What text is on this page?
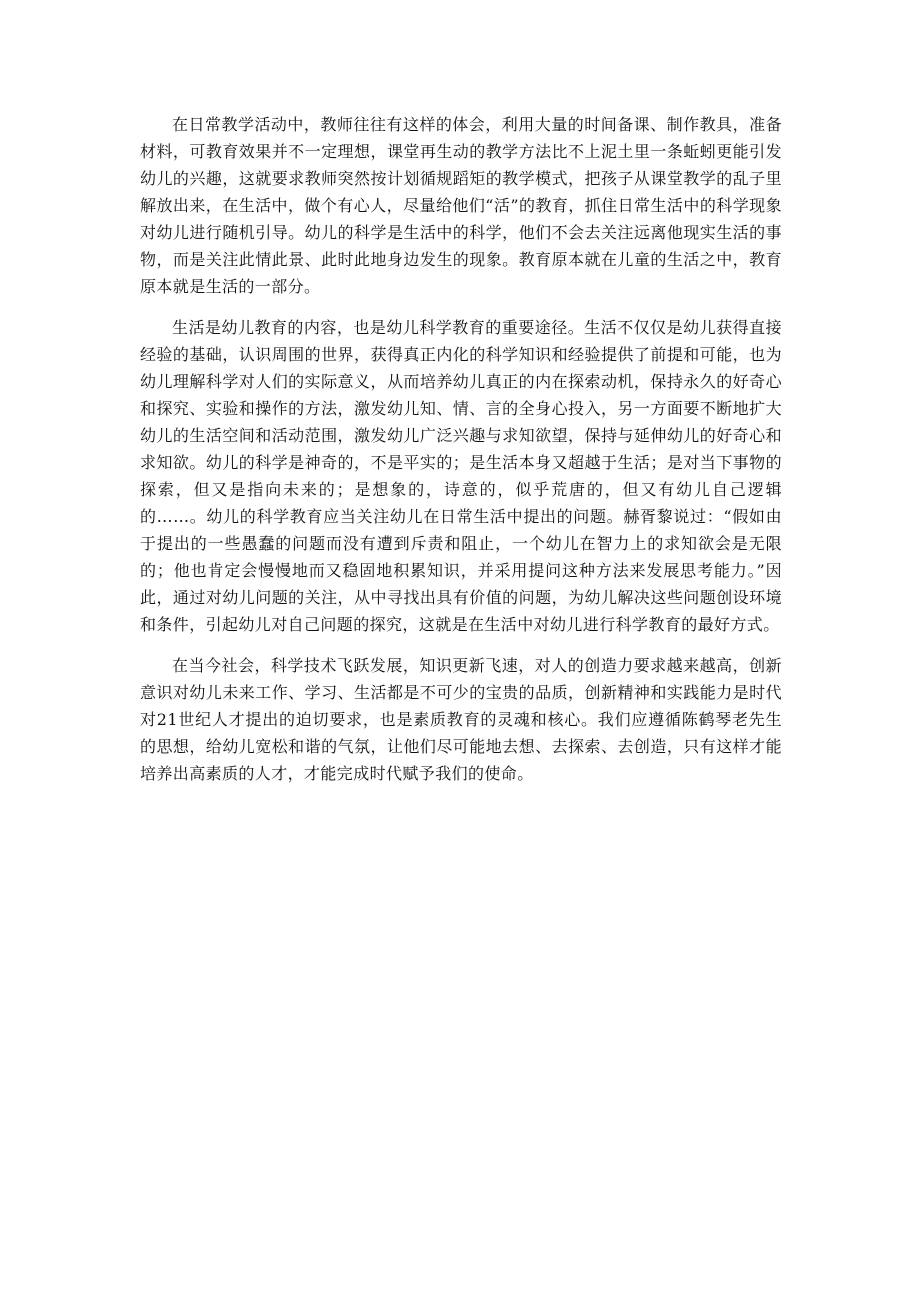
在日常教学活动中，教师往往有这样的体会，利用大量的时间备课、制作教具，准备材料，可教育效果并不一定理想，课堂再生动的教学方法比不上泥土里一条蚯蚓更能引发幼儿的兴趣，这就要求教师突然按计划循规蹈矩的教学模式，把孩子从课堂教学的乱子里解放出来，在生活中，做个有心人，尽量给他们“活”的教育，抓住日常生活中的科学现象对幼儿进行随机引导。幼儿的科学是生活中的科学，他们不会去关注远离他现实生活的事物，而是关注此情此景、此时此地身边发生的现象。教育原本就在儿童的生活之中，教育原本就是生活的一部分。

生活是幼儿教育的内容，也是幼儿科学教育的重要途径。生活不仅仅是幼儿获得直接经验的基础，认识周围的世界，获得真正内化的科学知识和经验提供了前提和可能，也为幼儿理解科学对人们的实际意义，从而培养幼儿真正的内在探索动机，保持永久的好奇心和探究、实验和操作的方法，激发幼儿知、情、言的全身心投入，另一方面要不断地扩大幼儿的生活空间和活动范围，激发幼儿广泛兴趣与求知欲望，保持与延伸幼儿的好奇心和求知欲。幼儿的科学是神奇的，不是平实的；是生活本身又超越于生活；是对当下事物的探索，但又是指向未来的；是想象的，诗意的，似乎荒唐的，但又有幼儿自己逻辑的……。幼儿的科学教育应当关注幼儿在日常生活中提出的问题。赫胥黎说过：“假如由于提出的一些愚蠢的问题而没有遭到斥责和阻止，一个幼儿在智力上的求知欲会是无限的；他也肯定会慢慢地而又稳固地积累知识，并采用提问这种方法来发展思考能力。”因此，通过对幼儿问题的关注，从中寻找出具有价值的问题，为幼儿解决这些问题创设环境和条件，引起幼儿对自己问题的探究，这就是在生活中对幼儿进行科学教育的最好方式。

在当今社会，科学技术飞跃发展，知识更新飞速，对人的创造力要求越来越高，创新意识对幼儿未来工作、学习、生活都是不可少的宝贵的品质，创新精神和实践能力是时代对21世纪人才提出的迫切要求，也是素质教育的灵魂和核心。我们应遵循陈鹤琴老先生的思想，给幼儿宽松和谐的气氛，让他们尽可能地去想、去探索、去创造，只有这样才能培养出高素质的人才，才能完成时代赋予我们的使命。
